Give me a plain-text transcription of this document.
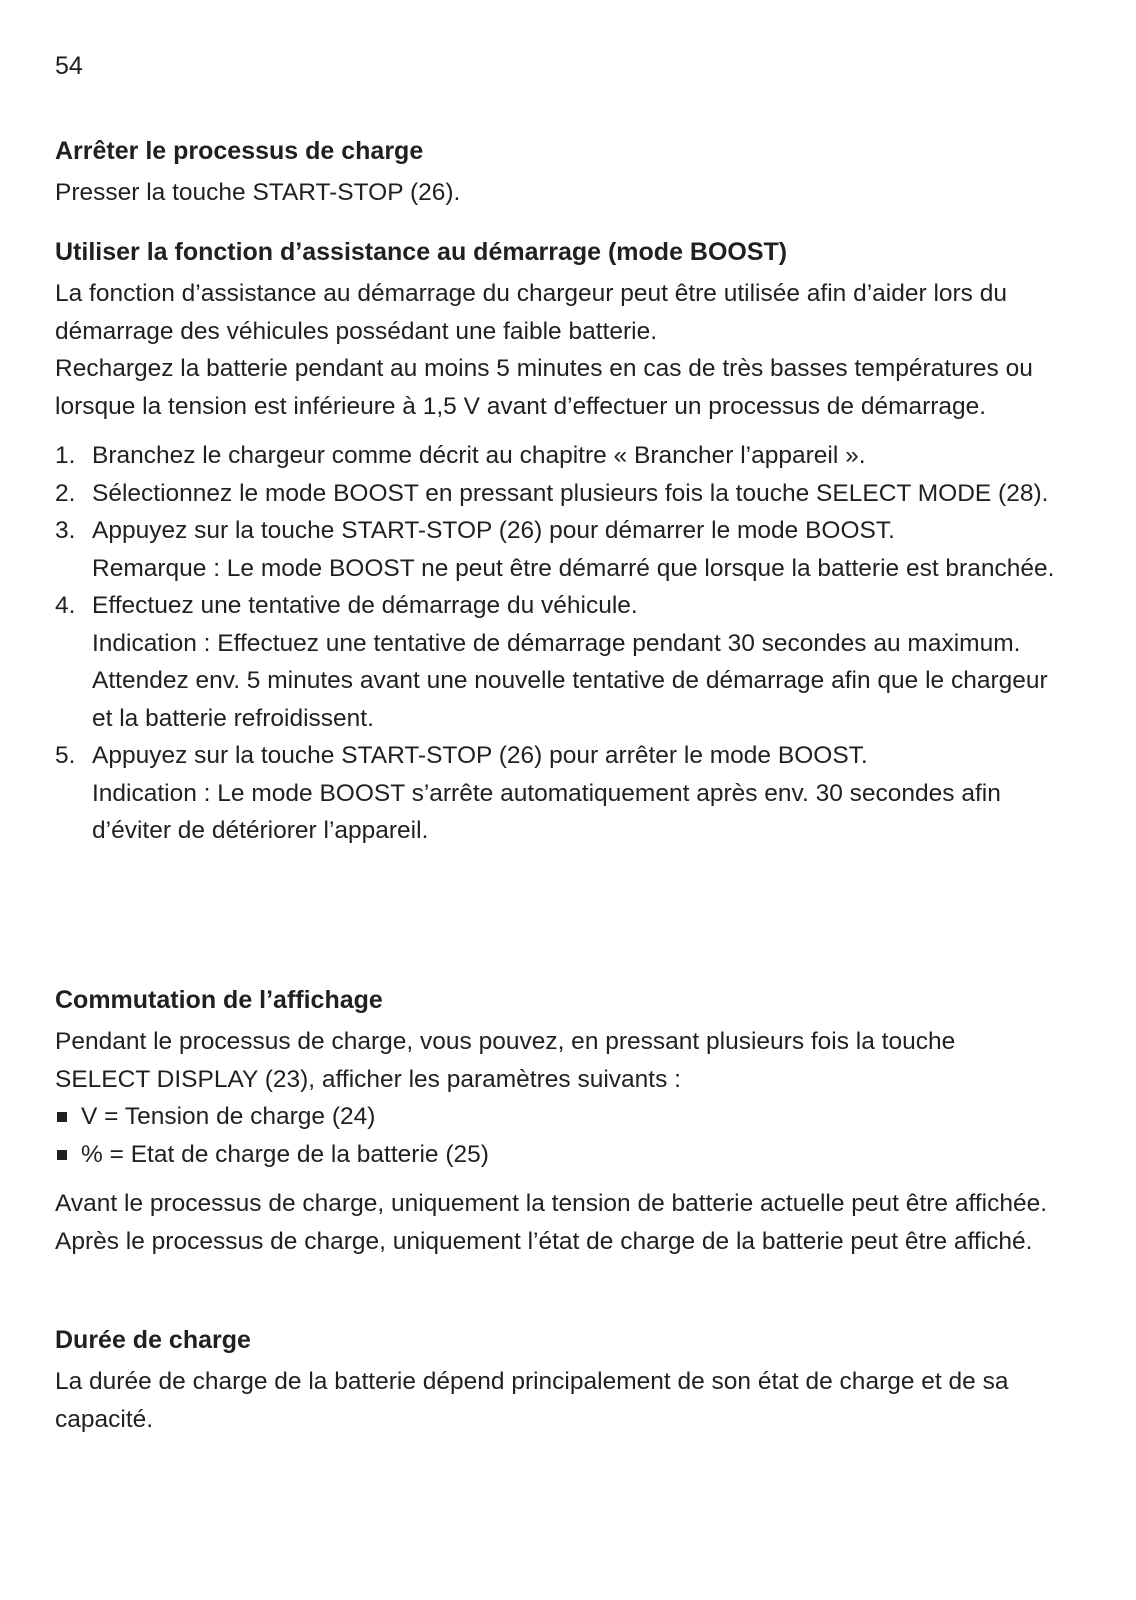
54
Arrêter le processus de charge

Presser la touche START-STOP (26).

Utiliser la fonction d’assistance au démarrage (mode BOOST)

La fonction d’assistance au démarrage du chargeur peut être utilisée afin d’aider lors du démarrage des véhicules possédant une faible batterie.

Rechargez la batterie pendant au moins 5 minutes en cas de très basses températures ou lorsque la tension est inférieure à 1,5 V avant d’effectuer un processus de démarrage.

1. Branchez le chargeur comme décrit au chapitre « Brancher l’appareil ».
2. Sélectionnez le mode BOOST en pressant plusieurs fois la touche SELECT MODE (28).
3. Appuyez sur la touche START-STOP (26) pour démarrer le mode BOOST.
Remarque : Le mode BOOST ne peut être démarré que lorsque la batterie est branchée.
4. Effectuez une tentative de démarrage du véhicule.
Indication : Effectuez une tentative de démarrage pendant 30 secondes au maximum. Attendez env. 5 minutes avant une nouvelle tentative de démarrage afin que le chargeur et la batterie refroidissent.
5. Appuyez sur la touche START-STOP (26) pour arrêter le mode BOOST.
Indication : Le mode BOOST s’arrête automatiquement après env. 30 secondes afin d’éviter de détériorer l’appareil.
Commutation de l’affichage

Pendant le processus de charge, vous pouvez, en pressant plusieurs fois la touche SELECT DISPLAY (23), afficher les paramètres suivants :

V = Tension de charge (24)
% = Etat de charge de la batterie (25)

Avant le processus de charge, uniquement la tension de batterie actuelle peut être affichée. Après le processus de charge, uniquement l’état de charge de la batterie peut être affiché.

Durée de charge

La durée de charge de la batterie dépend principalement de son état de charge et de sa capacité.
